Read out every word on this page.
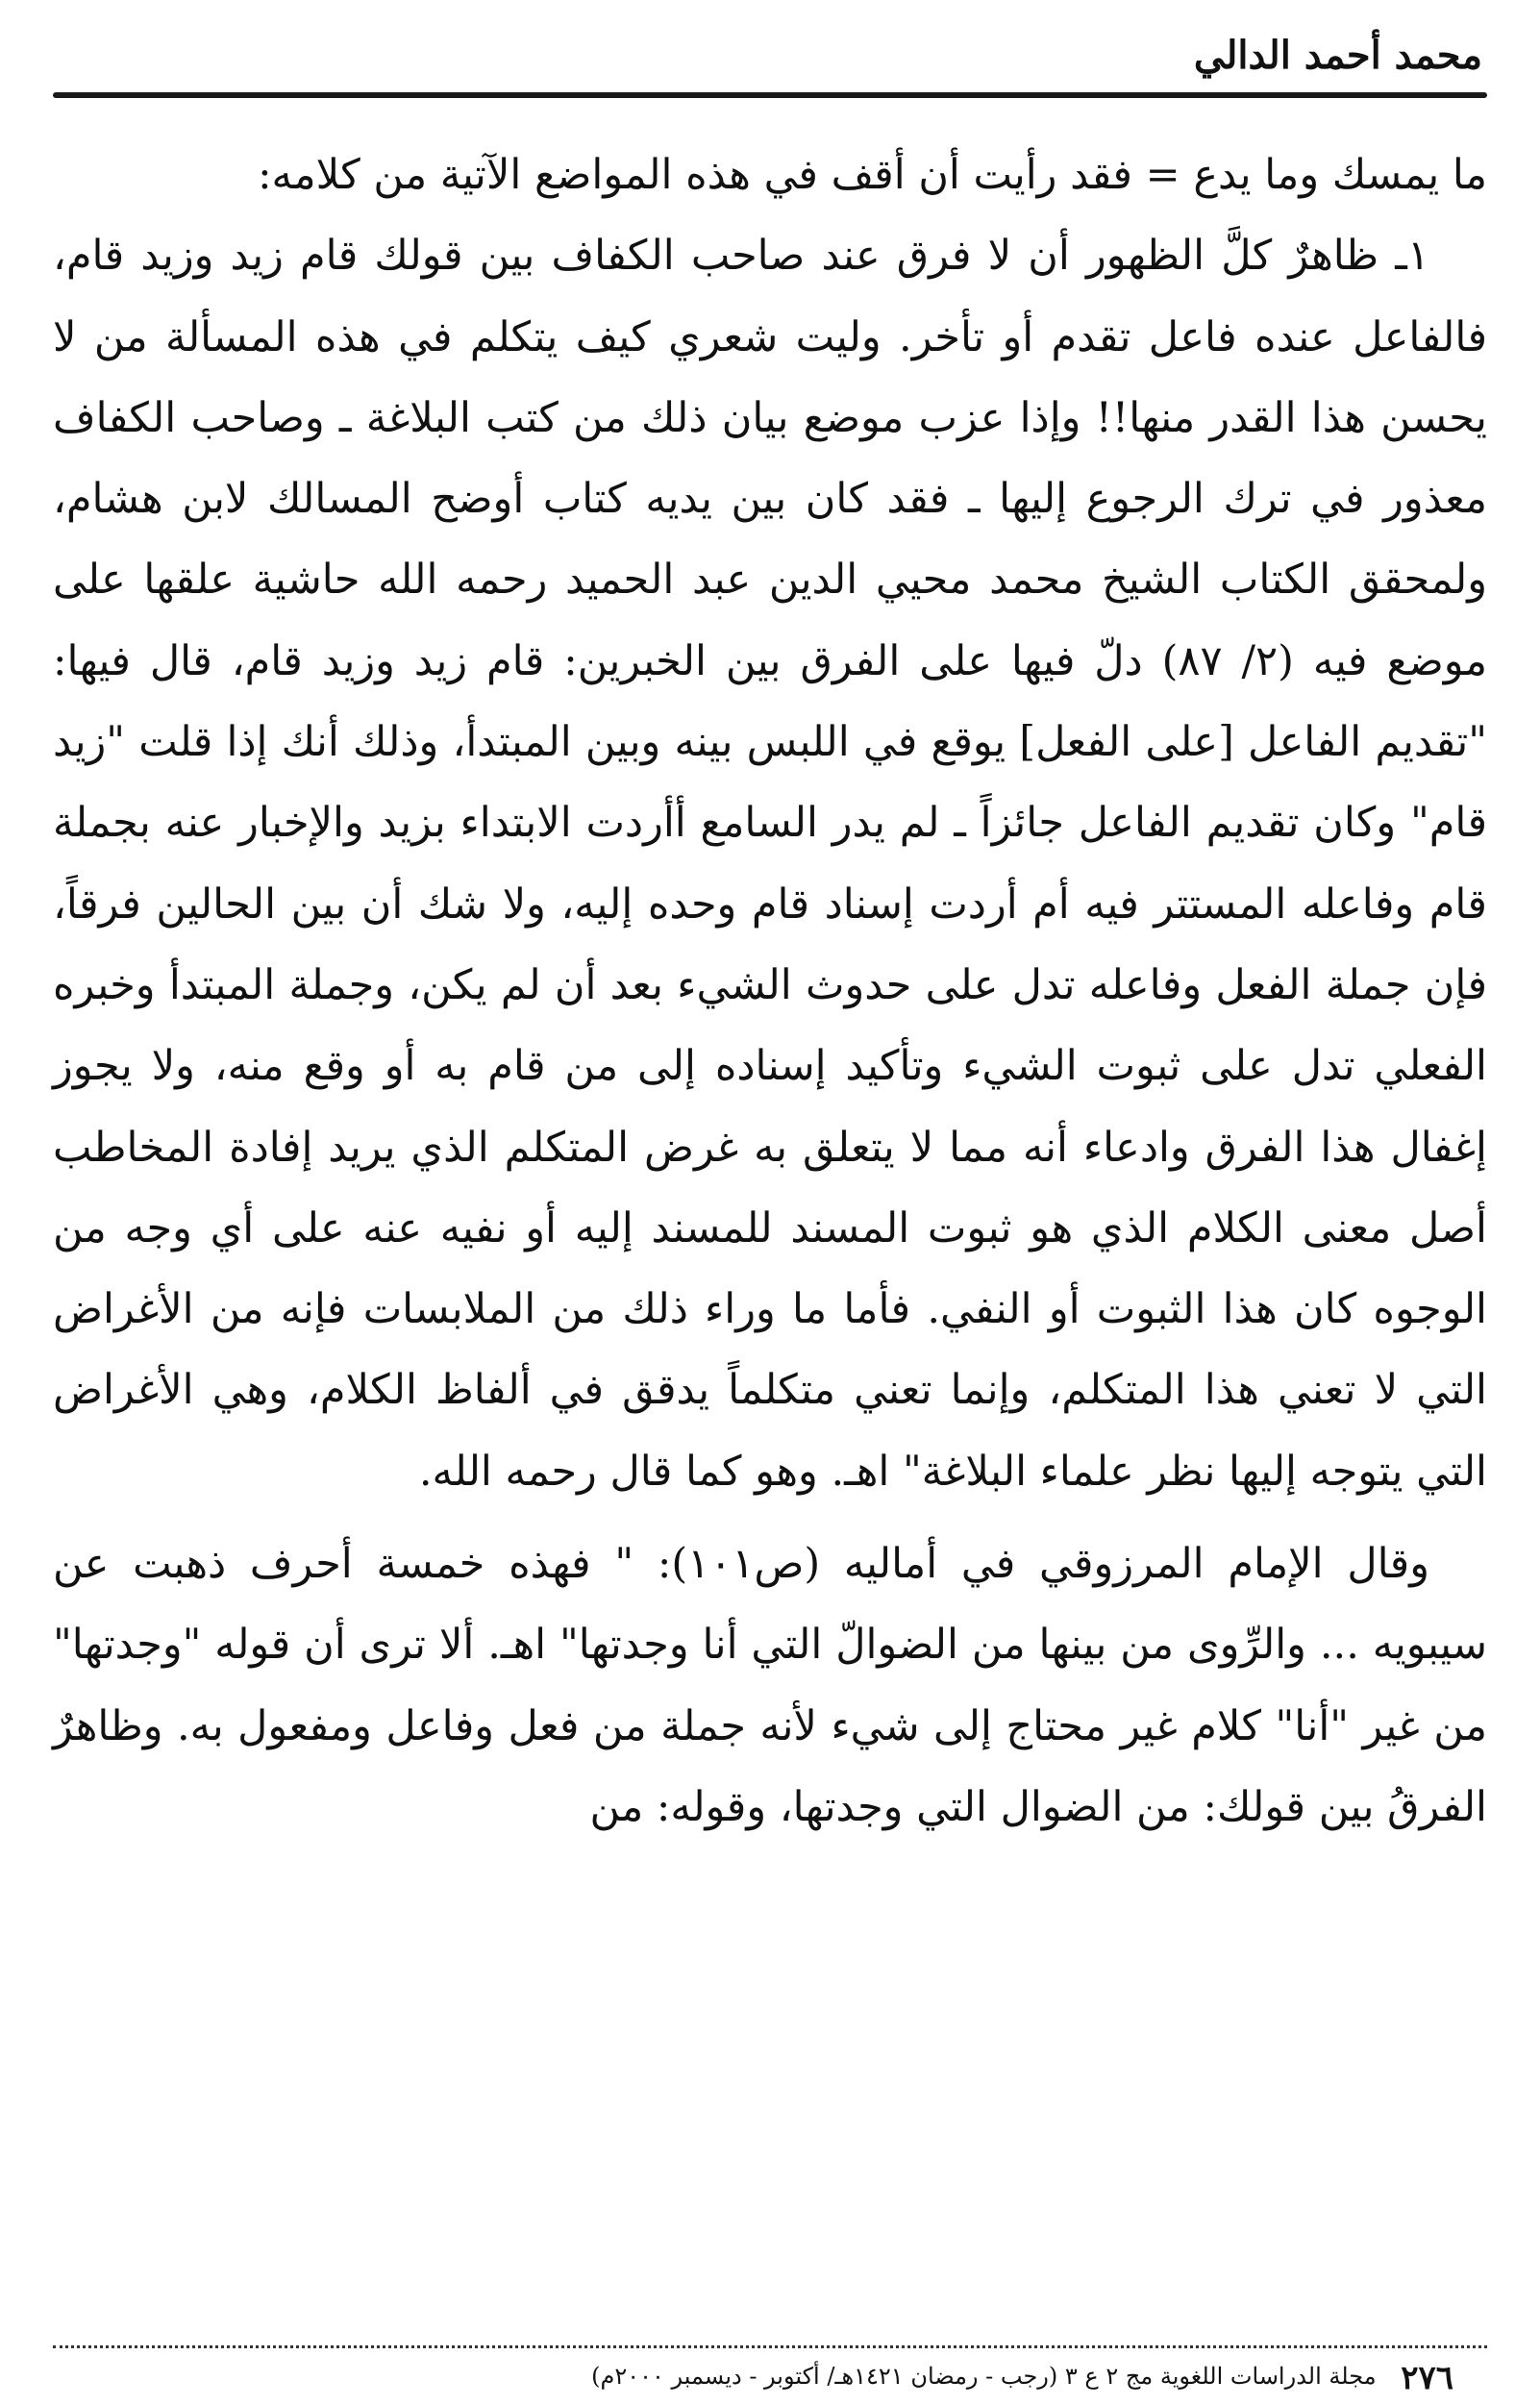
محمد أحمد الدالي

ما يمسك وما يدع = فقد رأيت أن أقف في هذه المواضع الآتية من كلامه:

١ـ ظاهرٌ كلَّ الظهور أن لا فرق عند صاحب الكفاف بين قولك قام زيد وزيد قام، فالفاعل عنده فاعل تقدم أو تأخر. وليت شعري كيف يتكلم في هذه المسألة من لا يحسن هذا القدر منها!! وإذا عزب موضع بيان ذلك من كتب البلاغة ـ وصاحب الكفاف معذور في ترك الرجوع إليها ـ فقد كان بين يديه كتاب أوضح المسالك لابن هشام، ولمحقق الكتاب الشيخ محمد محيي الدين عبد الحميد رحمه الله حاشية علقها على موضع فيه (٢/ ٨٧) دلّ فيها على الفرق بين الخبرين: قام زيد وزيد قام، قال فيها: "تقديم الفاعل [على الفعل] يوقع في اللبس بينه وبين المبتدأ، وذلك أنك إذا قلت "زيد قام" وكان تقديم الفاعل جائزاً ـ لم يدر السامع أأردت الابتداء بزيد والإخبار عنه بجملة قام وفاعله المستتر فيه أم أردت إسناد قام وحده إليه، ولا شك أن بين الحالين فرقاً، فإن جملة الفعل وفاعله تدل على حدوث الشيء بعد أن لم يكن، وجملة المبتدأ وخبره الفعلي تدل على ثبوت الشيء وتأكيد إسناده إلى من قام به أو وقع منه، ولا يجوز إغفال هذا الفرق وادعاء أنه مما لا يتعلق به غرض المتكلم الذي يريد إفادة المخاطب أصل معنى الكلام الذي هو ثبوت المسند للمسند إليه أو نفيه عنه على أي وجه من الوجوه كان هذا الثبوت أو النفي. فأما ما وراء ذلك من الملابسات فإنه من الأغراض التي لا تعني هذا المتكلم، وإنما تعني متكلماً يدقق في ألفاظ الكلام، وهي الأغراض التي يتوجه إليها نظر علماء البلاغة" اهـ. وهو كما قال رحمه الله.

وقال الإمام المرزوقي في أماليه (ص١٠١): " فهذه خمسة أحرف ذهبت عن سيبويه ... والرِّوى من بينها من الضوالّ التي أنا وجدتها" اهـ. ألا ترى أن قوله "وجدتها" من غير "أنا" كلام غير محتاج إلى شيء لأنه جملة من فعل وفاعل ومفعول به. وظاهرٌ الفرقُ بين قولك: من الضوال التي وجدتها، وقوله: من

٢٧٦ مجلة الدراسات اللغوية مج ٢ ع ٣ (رجب - رمضان ١٤٢١هـ/ أكتوبر - ديسمبر ٢٠٠٠م)
